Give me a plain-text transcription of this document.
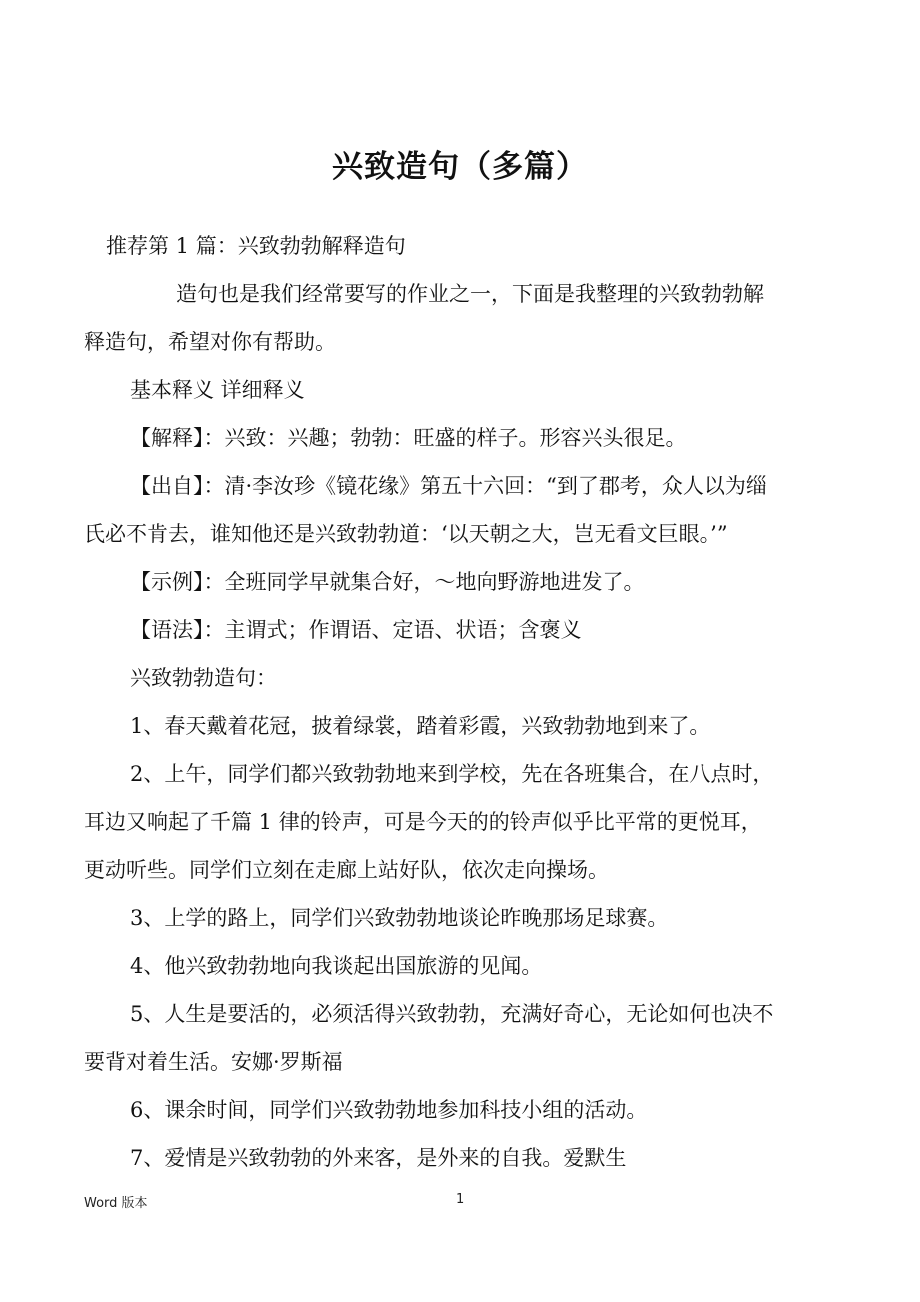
兴致造句（多篇）

推荐第 1 篇：兴致勃勃解释造句

造句也是我们经常要写的作业之一，下面是我整理的兴致勃勃解
释造句，希望对你有帮助。

基本释义 详细释义

【解释】：兴致：兴趣；勃勃：旺盛的样子。形容兴头很足。

【出自】：清·李汝珍《镜花缘》第五十六回：“到了郡考，众人以为缁
氏必不肯去，谁知他还是兴致勃勃道：‘以天朝之大，岂无看文巨眼。’”

【示例】：全班同学早就集合好，～地向野游地进发了。

【语法】：主谓式；作谓语、定语、状语；含褒义

兴致勃勃造句：

1、春天戴着花冠，披着绿裳，踏着彩霞，兴致勃勃地到来了。

2、上午，同学们都兴致勃勃地来到学校，先在各班集合，在八点时，
耳边又响起了千篇 1 律的铃声，可是今天的的铃声似乎比平常的更悦耳，
更动听些。同学们立刻在走廊上站好队，依次走向操场。

3、上学的路上，同学们兴致勃勃地谈论昨晚那场足球赛。

4、他兴致勃勃地向我谈起出国旅游的见闻。

5、人生是要活的，必须活得兴致勃勃，充满好奇心，无论如何也决不
要背对着生活。安娜·罗斯福

6、课余时间，同学们兴致勃勃地参加科技小组的活动。

7、爱情是兴致勃勃的外来客，是外来的自我。爱默生

Word 版本	1
